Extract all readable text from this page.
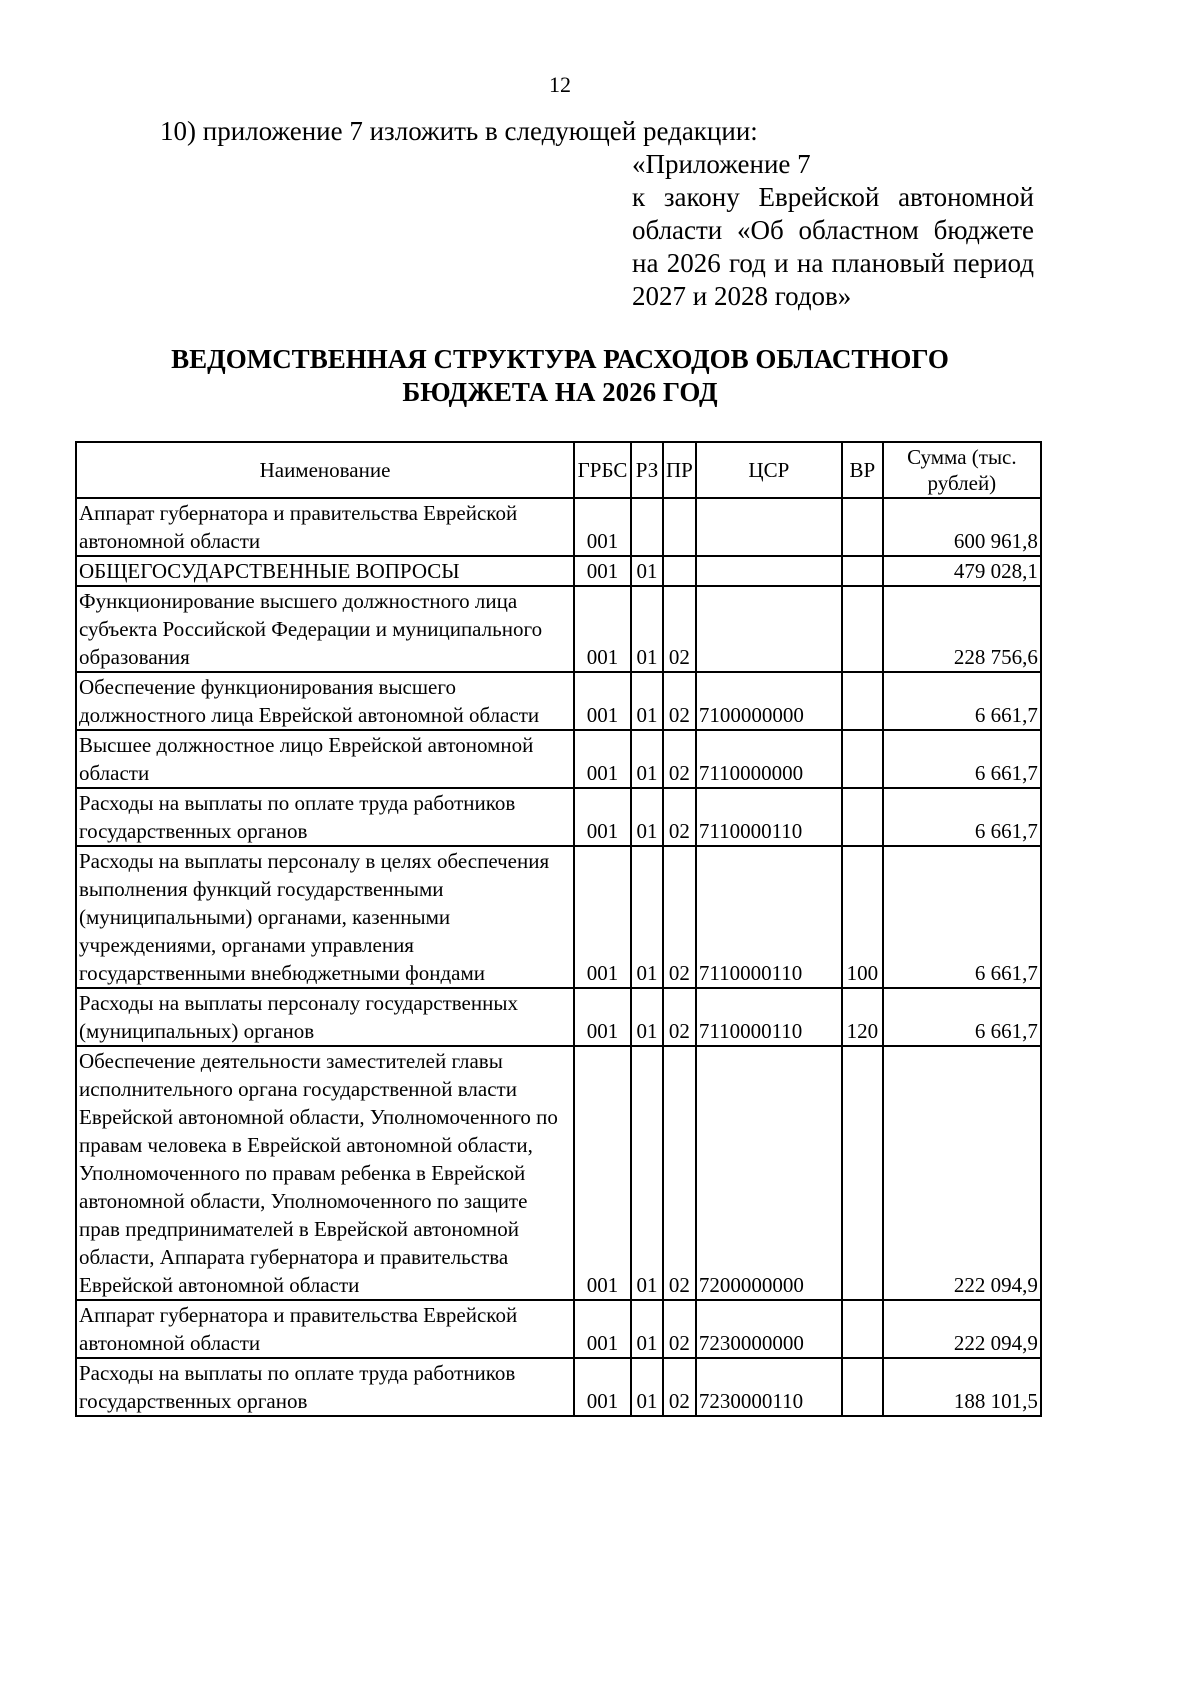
12
10) приложение 7 изложить в следующей редакции:
«Приложение 7
к закону Еврейской автономной области «Об областном бюджете на 2026 год и на плановый период 2027 и 2028 годов»
ВЕДОМСТВЕННАЯ СТРУКТУРА РАСХОДОВ ОБЛАСТНОГО
БЮДЖЕТА НА 2026 ГОД
Наименование	ГРБС	РЗ	ПР	ЦСР	ВР	Сумма (тыс. рублей)
Аппарат губернатора и правительства Еврейской автономной области	001					600 961,8
ОБЩЕГОСУДАРСТВЕННЫЕ ВОПРОСЫ	001	01				479 028,1
Функционирование высшего должностного лица субъекта Российской Федерации и муниципального образования	001	01	02			228 756,6
Обеспечение функционирования высшего должностного лица Еврейской автономной области	001	01	02	7100000000		6 661,7
Высшее должностное лицо Еврейской автономной области	001	01	02	7110000000		6 661,7
Расходы на выплаты по оплате труда работников государственных органов	001	01	02	7110000110		6 661,7
Расходы на выплаты персоналу в целях обеспечения выполнения функций государственными (муниципальными) органами, казенными учреждениями, органами управления государственными внебюджетными фондами	001	01	02	7110000110	100	6 661,7
Расходы на выплаты персоналу государственных (муниципальных) органов	001	01	02	7110000110	120	6 661,7
Обеспечение деятельности заместителей главы исполнительного органа государственной власти Еврейской автономной области, Уполномоченного по правам человека в Еврейской автономной области, Уполномоченного по правам ребенка в Еврейской автономной области, Уполномоченного по защите прав предпринимателей в Еврейской автономной области, Аппарата губернатора и правительства Еврейской автономной области	001	01	02	7200000000		222 094,9
Аппарат губернатора и правительства Еврейской автономной области	001	01	02	7230000000		222 094,9
Расходы на выплаты по оплате труда работников государственных органов	001	01	02	7230000110		188 101,5
